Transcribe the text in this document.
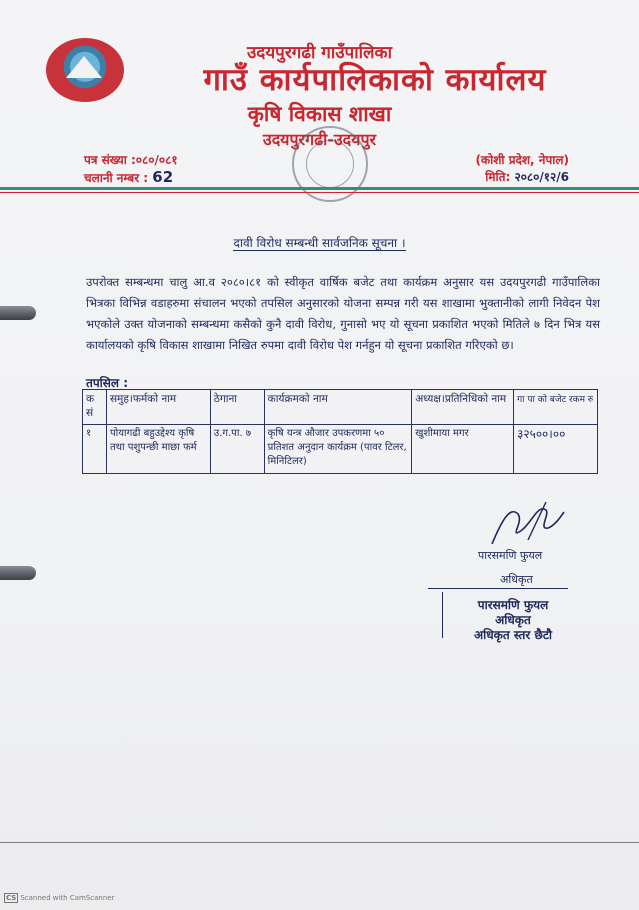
उदयपुरगढी गाउँपालिका
गाउँ कार्यपालिकाको कार्यालय
कृषि विकास शाखा
उदयपुरगढी-उदयपुर
पत्र संख्या :०८०/०८१
चलानी नम्बर : 62
(कोशी प्रदेश, नेपाल)
मिति: २०८०/१२/6
दावी विरोध सम्बन्धी सार्वजनिक सूचना ।
उपरोक्त सम्बन्धमा चालु आ.व २०८०।८१ को स्वीकृत वार्षिक बजेट तथा कार्यक्रम अनुसार यस उदयपुरगढी गाउँपालिका भित्रका विभिन्न वडाहरुमा संचालन भएको तपसिल अनुसारको योजना सम्पन्न गरी यस शाखामा भुक्तानीको लागी निवेदन पेश भएकोले उक्त योजनाको सम्बन्धमा कसैको कुनै दावी विरोध, गुनासो भए यो सूचना प्रकाशित भएको मितिले ७ दिन भित्र यस कार्यालयको कृषि विकास शाखामा निखित रुपमा दावी विरोध पेश गर्नहुन यो सूचना प्रकाशित गरिएको छ।
तपसिल :
क सं	समुह।फर्मको नाम	ठेगाना	कार्यक्रमको नाम	अध्यक्ष।प्रतिनिधिको नाम	गा पा को बजेट रकम रु
१	पोयागढी बहुउद्देश्य कृषि तथा पशुपन्छी माछा फर्म	उ.ग.पा. ७	कृषि यन्त्र औजार उपकरणमा ५० प्रतिशत अनुदान कार्यक्रम (पावर टिलर, मिनिटिलर)	खुशीमाया मगर	३२५००।००
पारसमणि फुयल
अधिकृत
पारसमणि फुयल
अधिकृत
अधिकृत स्तर छैटौ
CS Scanned with CamScanner
